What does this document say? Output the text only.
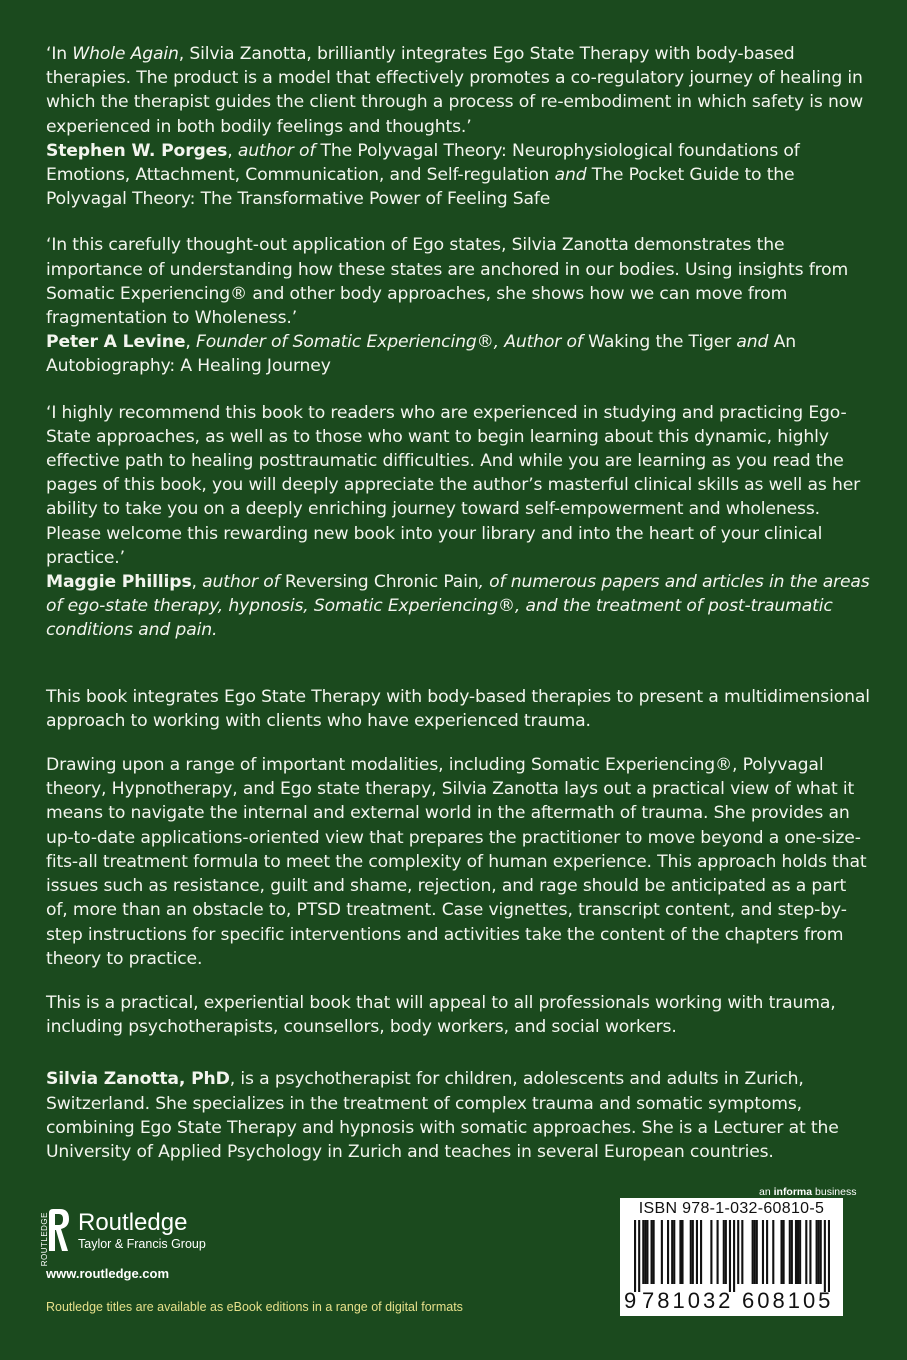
‘In Whole Again, Silvia Zanotta, brilliantly integrates Ego State Therapy with body-based therapies. The product is a model that effectively promotes a co-regulatory journey of healing in which the therapist guides the client through a process of re-embodiment in which safety is now experienced in both bodily feelings and thoughts.’

Stephen W. Porges, author of The Polyvagal Theory: Neurophysiological foundations of Emotions, Attachment, Communication, and Self-regulation and The Pocket Guide to the Polyvagal Theory: The Transformative Power of Feeling Safe

‘In this carefully thought-out application of Ego states, Silvia Zanotta demonstrates the importance of understanding how these states are anchored in our bodies. Using insights from Somatic Experiencing® and other body approaches, she shows how we can move from fragmentation to Wholeness.’

Peter A Levine, Founder of Somatic Experiencing®, Author of Waking the Tiger and An Autobiography: A Healing Journey

‘I highly recommend this book to readers who are experienced in studying and practicing Ego-State approaches, as well as to those who want to begin learning about this dynamic, highly effective path to healing posttraumatic difficulties. And while you are learning as you read the pages of this book, you will deeply appreciate the author’s masterful clinical skills as well as her ability to take you on a deeply enriching journey toward self-empowerment and wholeness. Please welcome this rewarding new book into your library and into the heart of your clinical practice.’

Maggie Phillips, author of Reversing Chronic Pain, of numerous papers and articles in the areas of ego-state therapy, hypnosis, Somatic Experiencing®, and the treatment of post-traumatic conditions and pain.

This book integrates Ego State Therapy with body-based therapies to present a multidimensional approach to working with clients who have experienced trauma.

Drawing upon a range of important modalities, including Somatic Experiencing®, Polyvagal theory, Hypnotherapy, and Ego state therapy, Silvia Zanotta lays out a practical view of what it means to navigate the internal and external world in the aftermath of trauma. She provides an up-to-date applications-oriented view that prepares the practitioner to move beyond a one-size-fits-all treatment formula to meet the complexity of human experience. This approach holds that issues such as resistance, guilt and shame, rejection, and rage should be anticipated as a part of, more than an obstacle to, PTSD treatment. Case vignettes, transcript content, and step-by-step instructions for specific interventions and activities take the content of the chapters from theory to practice.

This is a practical, experiential book that will appeal to all professionals working with trauma, including psychotherapists, counsellors, body workers, and social workers.

Silvia Zanotta, PhD, is a psychotherapist for children, adolescents and adults in Zurich, Switzerland. She specializes in the treatment of complex trauma and somatic symptoms, combining Ego State Therapy and hypnosis with somatic approaches. She is a Lecturer at the University of Applied Psychology in Zurich and teaches in several European countries.

ROUTLEDGE Routledge
Taylor & Francis Group
www.routledge.com
Routledge titles are available as eBook editions in a range of digital formats
an informa business
ISBN 978-1-032-60810-5
9 781032 608105
